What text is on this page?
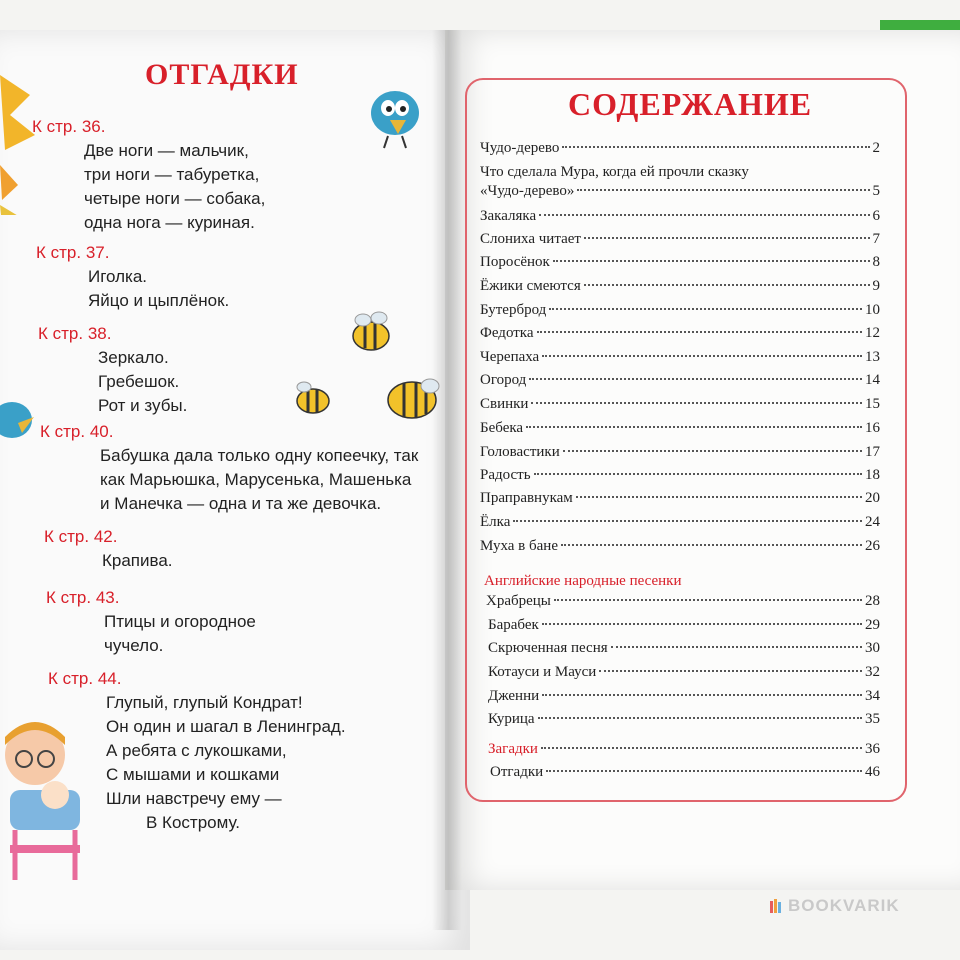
ОТГАДКИ
К стр. 36.
Две ноги — мальчик,
три ноги — табуретка,
четыре ноги — собака,
одна нога — куриная.
К стр. 37.
Иголка.
Яйцо и цыплёнок.
К стр. 38.
Зеркало.
Гребешок.
Рот и зубы.
К стр. 40.
Бабушка дала только одну копеечку, так
как Марьюшка, Марусенька, Машенька
и Манечка — одна и та же девочка.
К стр. 42.
Крапива.
К стр. 43.
Птицы и огородное
чучело.
К стр. 44.
Глупый, глупый Кондрат!
Он один и шагал в Ленинград.
А ребята с лукошками,
С мышами и кошками
Шли навстречу ему —
В Кострому.
СОДЕРЖАНИЕ
Чудо-дерево	2
Что сделала Мура, когда ей прочли сказку
«Чудо-дерево»	5
Закаляка	6
Слониха читает	7
Поросёнок	8
Ёжики смеются	9
Бутерброд	10
Федотка	12
Черепаха	13
Огород	14
Свинки	15
Бебека	16
Головастики	17
Радость	18
Праправнукам	20
Ёлка	24
Муха в бане	26
Английские народные песенки
Храбрецы	28
Барабек	29
Скрюченная песня	30
Котауси и Мауси	32
Дженни	34
Курица	35
Загадки	36
Отгадки	46
BOOKVARIK
